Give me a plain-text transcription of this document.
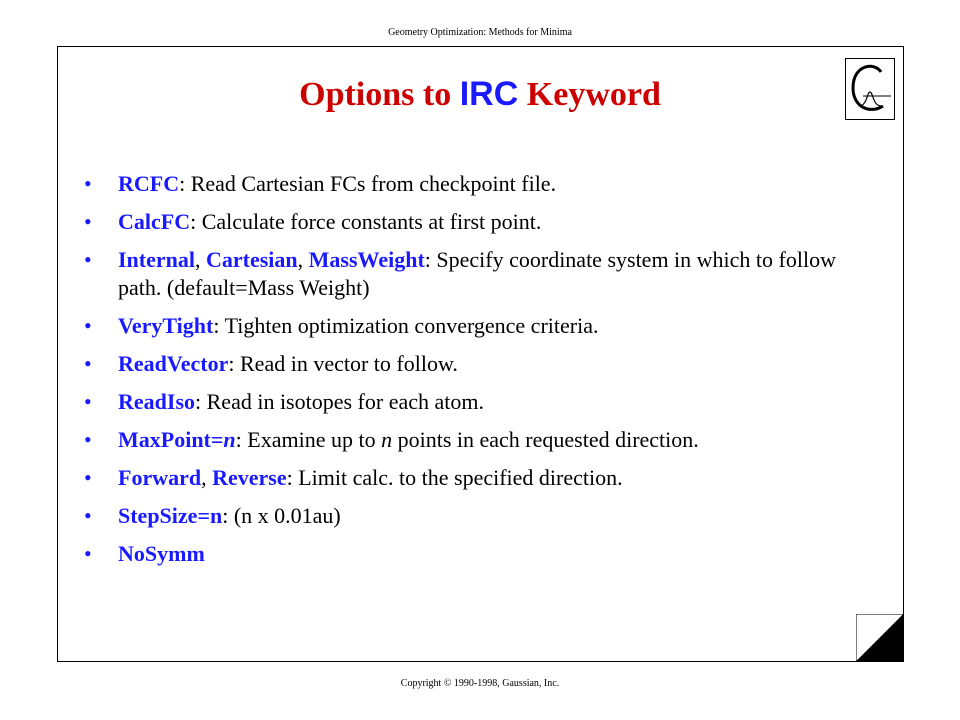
Geometry Optimization: Methods for Minima
Options to IRC Keyword
• RCFC: Read Cartesian FCs from checkpoint file.
• CalcFC: Calculate force constants at first point.
• Internal, Cartesian, MassWeight: Specify coordinate system in which to follow path. (default=Mass Weight)
• VeryTight: Tighten optimization convergence criteria.
• ReadVector: Read in vector to follow.
• ReadIso: Read in isotopes for each atom.
• MaxPoint=n: Examine up to n points in each requested direction.
• Forward, Reverse: Limit calc. to the specified direction.
• StepSize=n: (n x 0.01au)
• NoSymm
Copyright © 1990-1998, Gaussian, Inc.
